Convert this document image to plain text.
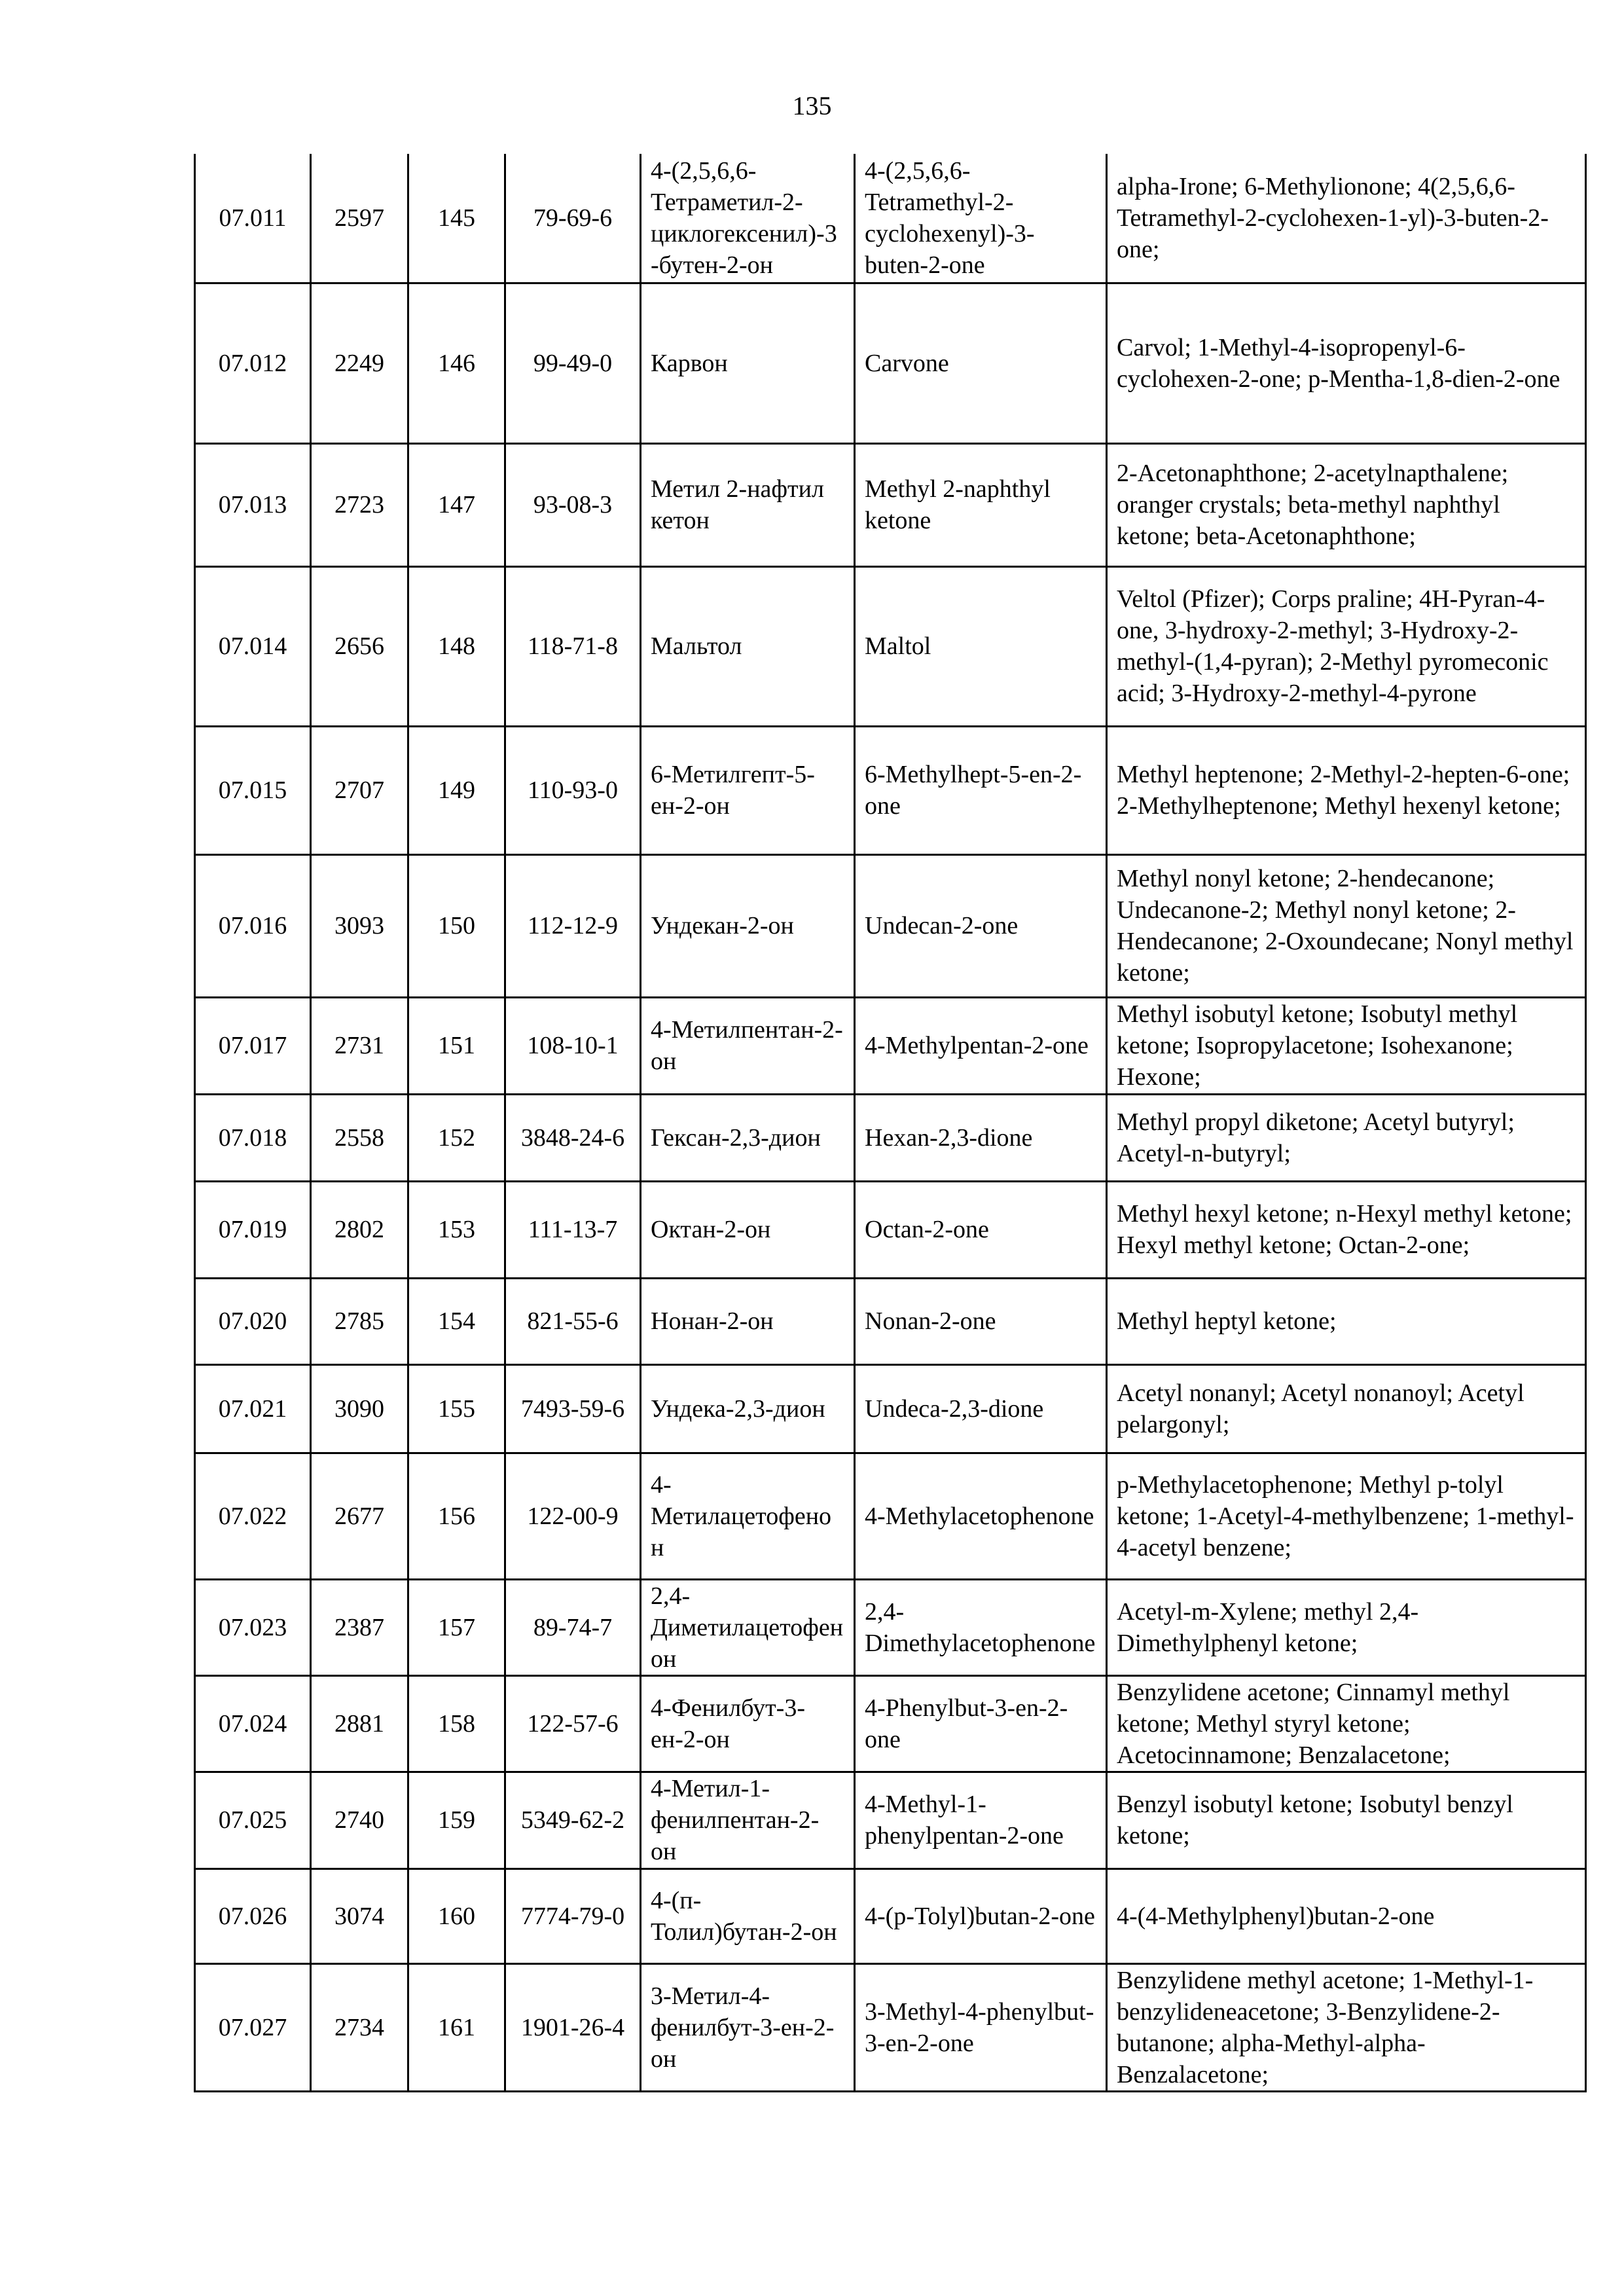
135
07.011	2597	145	79-69-6	4-(2,5,6,6-Тетраметил-2-циклогексенил)-3-бутен-2-он	4-(2,5,6,6-Tetramethyl-2-cyclohexenyl)-3-buten-2-one	alpha-Irone; 6-Methylionone; 4(2,5,6,6-Tetramethyl-2-cyclohexen-1-yl)-3-buten-2-one;
07.012	2249	146	99-49-0	Карвон	Carvone	Carvol; 1-Methyl-4-isopropenyl-6-cyclohexen-2-one; p-Mentha-1,8-dien-2-one
07.013	2723	147	93-08-3	Метил 2-нафтил кетон	Methyl 2-naphthyl ketone	2-Acetonaphthone; 2-acetylnapthalene; oranger crystals; beta-methyl naphthyl ketone; beta-Acetonaphthone;
07.014	2656	148	118-71-8	Мальтол	Maltol	Veltol (Pfizer); Corps praline; 4H-Pyran-4-one, 3-hydroxy-2-methyl; 3-Hydroxy-2-methyl-(1,4-pyran); 2-Methyl pyromeconic acid; 3-Hydroxy-2-methyl-4-pyrone
07.015	2707	149	110-93-0	6-Метилгепт-5-ен-2-он	6-Methylhept-5-en-2-one	Methyl heptenone; 2-Methyl-2-hepten-6-one; 2-Methylheptenone; Methyl hexenyl ketone;
07.016	3093	150	112-12-9	Ундекан-2-он	Undecan-2-one	Methyl nonyl ketone; 2-hendecanone; Undecanone-2; Methyl nonyl ketone; 2-Hendecanone; 2-Oxoundecane; Nonyl methyl ketone;
07.017	2731	151	108-10-1	4-Метилпентан-2-он	4-Methylpentan-2-one	Methyl isobutyl ketone; Isobutyl methyl ketone; Isopropylacetone; Isohexanone; Hexone;
07.018	2558	152	3848-24-6	Гексан-2,3-дион	Hexan-2,3-dione	Methyl propyl diketone; Acetyl butyryl; Acetyl-n-butyryl;
07.019	2802	153	111-13-7	Октан-2-он	Octan-2-one	Methyl hexyl ketone; n-Hexyl methyl ketone; Hexyl methyl ketone; Octan-2-one;
07.020	2785	154	821-55-6	Нонан-2-он	Nonan-2-one	Methyl heptyl ketone;
07.021	3090	155	7493-59-6	Ундека-2,3-дион	Undeca-2,3-dione	Acetyl nonanyl; Acetyl nonanoyl; Acetyl pelargonyl;
07.022	2677	156	122-00-9	4-Метилацетофенон	4-Methylacetophenone	p-Methylacetophenone; Methyl p-tolyl ketone; 1-Acetyl-4-methylbenzene; 1-methyl-4-acetyl benzene;
07.023	2387	157	89-74-7	2,4-Диметилацетофенон	2,4-Dimethylacetophenone	Acetyl-m-Xylene; methyl 2,4-Dimethylphenyl ketone;
07.024	2881	158	122-57-6	4-Фенилбут-3-ен-2-он	4-Phenylbut-3-en-2-one	Benzylidene acetone; Cinnamyl methyl ketone; Methyl styryl ketone; Acetocinnamone; Benzalacetone;
07.025	2740	159	5349-62-2	4-Метил-1-фенилпентан-2-он	4-Methyl-1-phenylpentan-2-one	Benzyl isobutyl ketone; Isobutyl benzyl ketone;
07.026	3074	160	7774-79-0	4-(п-Толил)бутан-2-он	4-(p-Tolyl)butan-2-one	4-(4-Methylphenyl)butan-2-one
07.027	2734	161	1901-26-4	3-Метил-4-фенилбут-3-ен-2-он	3-Methyl-4-phenylbut-3-en-2-one	Benzylidene methyl acetone; 1-Methyl-1-benzylideneacetone; 3-Benzylidene-2-butanone; alpha-Methyl-alpha-Benzalacetone;
